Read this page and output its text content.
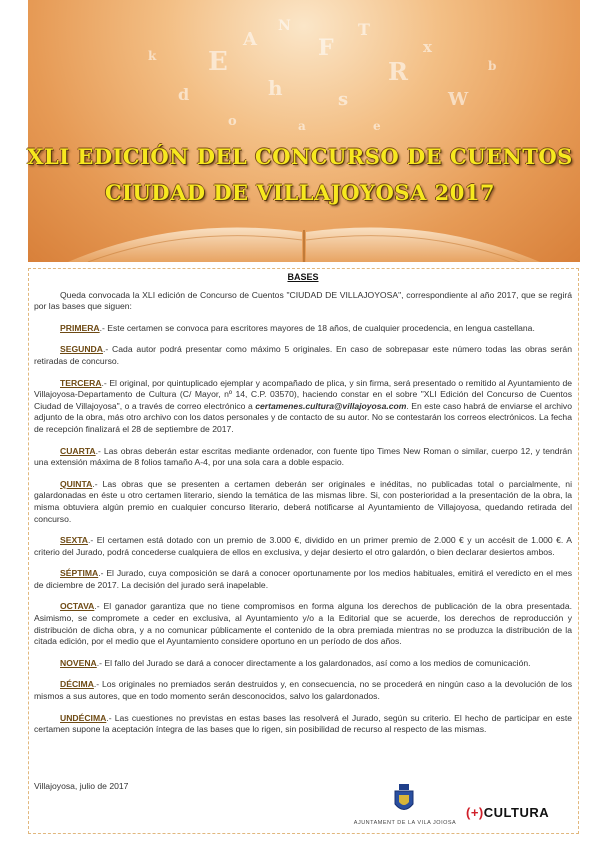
E
A
N
F
T
R
x
d	h	s
o
W
k
b
a	e
XLI EDICIÓN DEL CONCURSO DE CUENTOS
CIUDAD DE VILLAJOYOSA 2017
BASES

Queda convocada la XLI edición de Concurso de Cuentos "CIUDAD DE VILLAJOYOSA", correspondiente al año 2017, que se regirá por las bases que siguen:

PRIMERA.- Este certamen se convoca para escritores mayores de 18 años, de cualquier procedencia, en lengua castellana.

SEGUNDA.- Cada autor podrá presentar como máximo 5 originales. En caso de sobrepasar este número todas las obras serán retiradas de concurso.

TERCERA.- El original, por quintuplicado ejemplar y acompañado de plica, y sin firma, será presentado o remitido al Ayuntamiento de Villajoyosa-Departamento de Cultura (C/ Mayor, nº 14, C.P. 03570), haciendo constar en el sobre "XLI Edición del Concurso de Cuentos Ciudad de Villajoyosa", o a través de correo electrónico a certamenes.cultura@villajoyosa.com. En este caso habrá de enviarse el archivo adjunto de la obra, más otro archivo con los datos personales y de contacto de su autor. No se contestarán los correos electrónicos. La fecha de recepción finalizará el 28 de septiembre de 2017.

CUARTA.- Las obras deberán estar escritas mediante ordenador, con fuente tipo Times New Roman o similar, cuerpo 12, y tendrán una extensión máxima de 8 folios tamaño A-4, por una sola cara a doble espacio.

QUINTA.- Las obras que se presenten a certamen deberán ser originales e inéditas, no publicadas total o parcialmente, ni galardonadas en éste u otro certamen literario, siendo la temática de las mismas libre. Si, con posterioridad a la presentación de la obra, la misma obtuviera algún premio en cualquier concurso literario, deberá notificarse al Ayuntamiento de Villajoyosa, quedando retirada del concurso.

SEXTA.- El certamen está dotado con un premio de 3.000 €, dividido en un primer premio de 2.000 € y un accésit de 1.000 €. A criterio del Jurado, podrá concederse cualquiera de ellos en exclusiva, y dejar desierto el otro galardón, o bien declarar desiertos ambos.

SÉPTIMA.- El Jurado, cuya composición se dará a conocer oportunamente por los medios habituales, emitirá el veredicto en el mes de diciembre de 2017. La decisión del jurado será inapelable.

OCTAVA.- El ganador garantiza que no tiene compromisos en forma alguna los derechos de publicación de la obra presentada. Asimismo, se compromete a ceder en exclusiva, al Ayuntamiento y/o a la Editorial que se acuerde, los derechos de reproducción y distribución de dicha obra, y a no comunicar públicamente el contenido de la obra premiada mientras no se produzca la distribución de la citada edición, por el medio que el Ayuntamiento considere oportuno en un período de dos años.

NOVENA.- El fallo del Jurado se dará a conocer directamente a los galardonados, así como a los medios de comunicación.

DÉCIMA.- Los originales no premiados serán destruidos y, en consecuencia, no se procederá en ningún caso a la devolución de los mismos a sus autores, que en todo momento serán desconocidos, salvo los galardonados.

UNDÉCIMA.- Las cuestiones no previstas en estas bases las resolverá el Jurado, según su criterio. El hecho de participar en este certamen supone la aceptación íntegra de las bases que lo rigen, sin posibilidad de recurso al respecto de las mismas.

Villajoyosa, julio de 2017
AJUNTAMENT DE LA VILA JOIOSA
(+)CULTURA
